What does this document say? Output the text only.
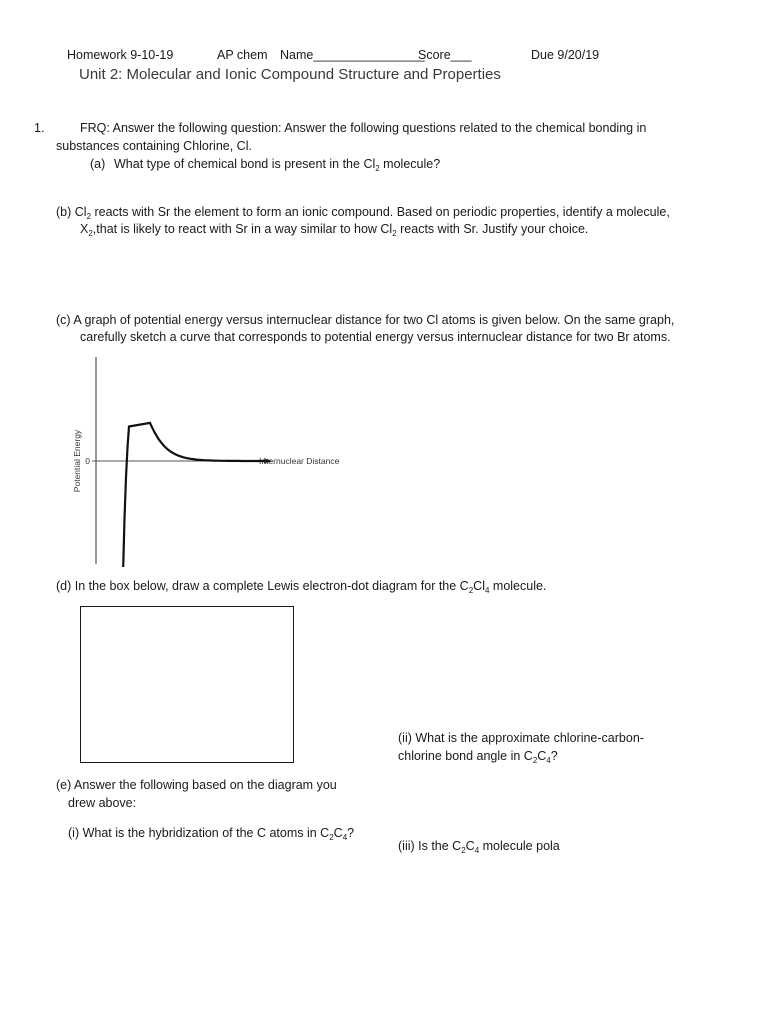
Homework 9-10-19	AP chem Name________________
Score___	Due 9/20/19
Unit 2: Molecular and Ionic Compound Structure and Properties
1.	FRQ: Answer the following question: Answer the following questions related to the chemical bonding in
substances containing Chlorine, Cl.
(a) What type of chemical bond is present in the $Cl_2$ molecule?
(b) $Cl_2$ reacts with Sr the element to form an ionic compound. Based on periodic properties, identify a molecule,
$X_2,that$ is likely to react with Sr in a way similar to how $Cl_2$ reacts with Sr. Justify your choice.
(c) A graph of potential energy versus internuclear distance for two Cl atoms is given below. On the same graph,
carefully sketch a curve that corresponds to potential energy versus internuclear distance for two Br atoms.
0	Internuclear Distance
Potential Energy
(d) In the box below, draw a complete Lewis electron-dot diagram for the $C_2Cl_4$ molecule.
(e) Answer the following based on the diagram you
drew above:
(i) What is the hybridization of the C atoms in $C_2C_4$?
(ii) What is the approximate chlorine-carbon-
chlorine bond angle in $C_2C_4$?
(iii) Is the $C_2C_4$ molecule pola
